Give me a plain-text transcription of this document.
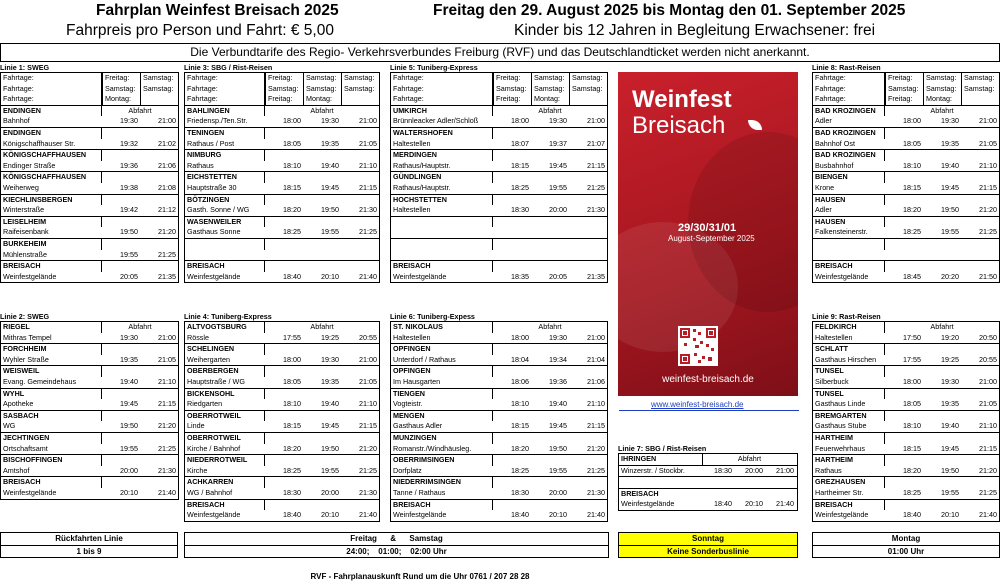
Fahrplan Weinfest Breisach 2025	Freitag den 29. August 2025 bis Montag den 01. September 2025
Fahrpreis pro Person und Fahrt: € 5,00	Kinder bis 12 Jahren in Begleitung Erwachsener: frei
Die Verbundtarife des Regio- Verkehrsverbundes Freiburg (RVF) und das Deutschlandticket werden nicht anerkannt.
Linie 1: SWEG
Fahrtage:	Freitag:	Samstag:
Fahrtage:	Samstag:	Samstag:
Fahrtage:	Montag:
ENDINGEN	Abfahrt
Bahnhof	19:30	21:00
ENDINGEN
Königschaffhauser Str.	19:32	21:02
KÖNIGSCHAFFHAUSEN
Endinger Straße	19:36	21:06
KÖNIGSCHAFFHAUSEN
Weiherweg	19:38	21:08
KIECHLINSBERGEN
Winterstraße	19:42	21:12
LEISELHEIM
Raifeisenbank	19:50	21:20
BURKEHEIM
Mühlenstraße	19:55	21:25
BREISACH
Weinfestgelände	20:05	21:35
Linie 3: SBG / Rist-Reisen
Fahrtage:	Freitag:	Samstag:	Samstag:
Fahrtage:	Samstag:	Samstag:	Samstag:
Fahrtage:	Freitag:	Montag:
BAHLINGEN	Abfahrt
Friedensp./Ten.Str.	18:00	19:30	21:00
TENINGEN
Rathaus / Post	18:05	19:35	21:05
NIMBURG
Rathaus	18:10	19:40	21:10
EICHSTETTEN
Hauptstraße 30	18:15	19:45	21:15
BÖTZINGEN
Gasth. Sonne / WG	18:20	19:50	21:30
WASENWEILER
Gasthaus Sonne	18:25	19:55	21:25
BREISACH
Weinfestgelände	18:40	20:10	21:40
Linie 5: Tuniberg-Express
Fahrtage:	Freitag:	Samstag:	Samstag:
Fahrtage:	Samstag:	Samstag:	Samstag:
Fahrtage:	Freitag:	Montag:
UMKIRCH	Abfahrt
Brünnleacker Adler/Schloß	18:00	19:30	21:00
WALTERSHOFEN
Haltestellen	18:07	19:37	21:07
MERDINGEN
Rathaus/Hauptstr.	18:15	19:45	21:15
GÜNDLINGEN
Rathaus/Hauptstr.	18:25	19:55	21:25
HOCHSTETTEN
Haltestellen	18:30	20:00	21:30
BREISACH
Weinfestgelände	18:35	20:05	21:35
Linie 8: Rast-Reisen
Fahrtage:	Freitag:	Samstag:	Samstag:
Fahrtage:	Samstag:	Samstag:	Samstag:
Fahrtage:	Freitag:	Montag:
BAD KROZINGEN	Abfahrt
Adler	18:00	19:30	21:00
BAD KROZINGEN
Bahnhof Ost	18:05	19:35	21:05
BAD KROZINGEN
Busbahnhof	18:10	19:40	21:10
BIENGEN
Krone	18:15	19:45	21:15
HAUSEN
Adler	18:20	19:50	21:20
HAUSEN
Falkensteinerstr.	18:25	19:55	21:25
BREISACH
Weinfestgelände	18:45	20:20	21:50
Linie 2: SWEG
RIEGEL	Abfahrt
Mithras Tempel	19:30	21:00
FORCHHEIM
Wyhler Straße	19:35	21:05
WEISWEIL
Evang. Gemeindehaus	19:40	21:10
WYHL
Apotheke	19:45	21:15
SASBACH
WG	19:50	21:20
JECHTINGEN
Ortschaftsamt	19:55	21:25
BISCHOFFINGEN
Amtshof	20:00	21:30
BREISACH
Weinfestgelände	20:10	21:40
Linie 4: Tuniberg-Express
ALTVOGTSBURG	Abfahrt
Rössle	17:55	19:25	20:55
SCHELINGEN
Weihergarten	18:00	19:30	21:00
OBERBERGEN
Hauptstraße / WG	18:05	19:35	21:05
BICKENSOHL
Riedgarten	18:10	19:40	21:10
OBERROTWEIL
Linde	18:15	19:45	21:15
OBERROTWEIL
Kirche / Bahnhof	18:20	19:50	21:20
NIEDERROTWEIL
Kirche	18:25	19:55	21:25
ACHKARREN
WG / Bahnhof	18:30	20:00	21:30
BREISACH
Weinfestgelände	18:40	20:10	21:40
Linie 6: Tuniberg-Expess
ST. NIKOLAUS	Abfahrt
Haltestellen	18:00	19:30	21:00
OPFINGEN
Unterdorf / Rathaus	18:04	19:34	21:04
OPFINGEN
Im Hausgarten	18:06	19:36	21:06
TIENGEN
Vogteistr.	18:10	19:40	21:10
MENGEN
Gasthaus Adler	18:15	19:45	21:15
MUNZINGEN
Romanstr./Windhäusleg.	18:20	19:50	21:20
OBERRIMSINGEN
Dorfplatz	18:25	19:55	21:25
NIEDERRIMSINGEN
Tanne / Rathaus	18:30	20:00	21:30
BREISACH
Weinfestgelände	18:40	20:10	21:40
Linie 9: Rast-Reisen
FELDKIRCH	Abfahrt
Haltestellen	17:50	19:20	20:50
SCHLATT
Gasthaus Hirschen	17:55	19:25	20:55
TUNSEL
Silberbuck	18:00	19:30	21:00
TUNSEL
Gasthaus Linde	18:05	19:35	21:05
BREMGARTEN
Gasthaus Stube	18:10	19:40	21:10
HARTHEIM
Feuerwehrhaus	18:15	19:45	21:15
HARTHEIM
Rathaus	18:20	19:50	21:20
GREZHAUSEN
Hartheimer Str.	18:25	19:55	21:25
BREISACH
Weinfestgelände	18:40	20:10	21:40
Linie 7: SBG / Rist-Reisen
IHRINGEN	Abfahrt
Winzerstr. / Stockbr.	18:30	20:00	21:00
BREISACH
Weinfestgelände	18:40	20:10	21:40
Weinfest
Breisach
29/30/31/01
August-September 2025
weinfest-breisach.de
www.weinfest-breisach.de
Rückfahrten Linie
1 bis 9
Freitag      &      Samstag
24:00;    01:00;    02:00 Uhr
Sonntag
Keine Sonderbuslinie
Montag
01:00 Uhr
RVF - Fahrplanauskunft Rund um die Uhr 0761 / 207 28 28
